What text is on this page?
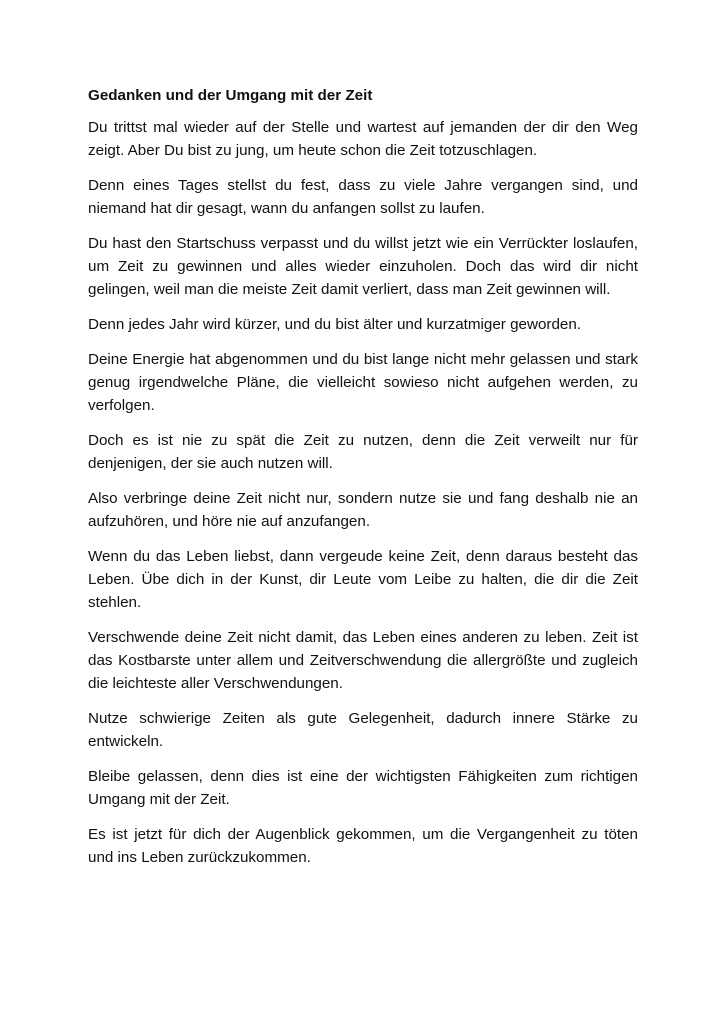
Gedanken und der Umgang mit der Zeit

Du trittst mal wieder auf der Stelle und wartest auf jemanden der dir den Weg zeigt. Aber Du bist zu jung, um heute schon die Zeit totzuschlagen.

Denn eines Tages stellst du fest, dass zu viele Jahre vergangen sind, und niemand hat dir gesagt, wann du anfangen sollst zu laufen.

Du hast den Startschuss verpasst und du willst jetzt wie ein Verrückter loslaufen, um Zeit zu gewinnen und alles wieder einzuholen. Doch das wird dir nicht gelingen, weil man die meiste Zeit damit verliert, dass man Zeit gewinnen will.

Denn jedes Jahr wird kürzer, und du bist älter und kurzatmiger geworden.

Deine Energie hat abgenommen und du bist lange nicht mehr gelassen und stark genug irgendwelche Pläne, die vielleicht sowieso nicht aufgehen werden, zu verfolgen.

Doch es ist nie zu spät die Zeit zu nutzen, denn die Zeit verweilt nur für denjenigen, der sie auch nutzen will.

Also verbringe deine Zeit nicht nur, sondern nutze sie und fang deshalb nie an aufzuhören, und höre nie auf anzufangen.

Wenn du das Leben liebst, dann vergeude keine Zeit, denn daraus besteht das Leben. Übe dich in der Kunst, dir Leute vom Leibe zu halten, die dir die Zeit stehlen.

Verschwende deine Zeit nicht damit, das Leben eines anderen zu leben. Zeit ist das Kostbarste unter allem und Zeitverschwendung die allergrößte und zugleich die leichteste aller Verschwendungen.

Nutze schwierige Zeiten als gute Gelegenheit, dadurch innere Stärke zu entwickeln.

Bleibe gelassen, denn dies ist eine der wichtigsten Fähigkeiten zum richtigen Umgang mit der Zeit.

Es ist jetzt für dich der Augenblick gekommen, um die Vergangenheit zu töten und ins Leben zurückzukommen.
